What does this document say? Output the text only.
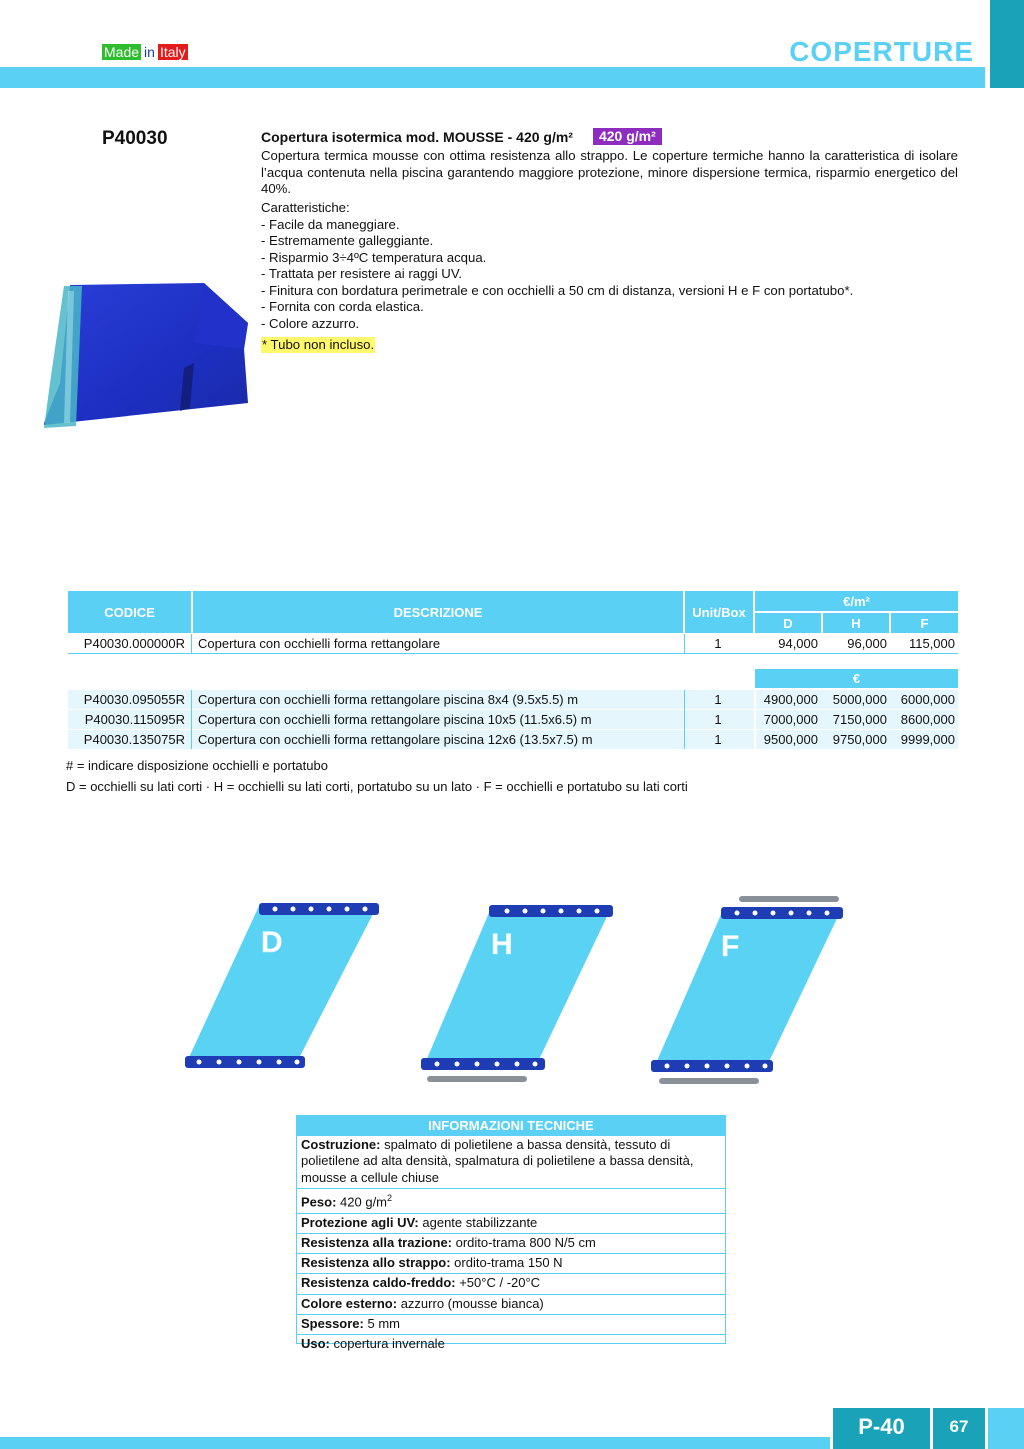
Made in Italy	COPERTURE
P40030	Copertura isotermica mod. MOUSSE - 420 g/m²	420 g/m²
Copertura termica mousse con ottima resistenza allo strappo. Le coperture termiche hanno la caratteristica di isolare l’acqua contenuta nella piscina garantendo maggiore protezione, minore dispersione termica, risparmio energetico del 40%.
Caratteristiche:
- Facile da maneggiare.
- Estremamente galleggiante.
- Risparmio 3÷4ºC temperatura acqua.
- Trattata per resistere ai raggi UV.
- Finitura con bordatura perimetrale e con occhielli a 50 cm di distanza, versioni H e F con portatubo*.
- Fornita con corda elastica.
- Colore azzurro.
* Tubo non incluso.
CODICE	DESCRIZIONE	Unit/Box
€/m²
D	H	F
P40030.000000R	Copertura con occhielli forma rettangolare	1	94,000	96,000	115,000
€
P40030.095055R	Copertura con occhielli forma rettangolare piscina 8x4 (9.5x5.5) m	1	4900,000	5000,000	6000,000
P40030.115095R	Copertura con occhielli forma rettangolare piscina 10x5 (11.5x6.5) m	1	7000,000	7150,000	8600,000
P40030.135075R	Copertura con occhielli forma rettangolare piscina 12x6 (13.5x7.5) m	1	9500,000	9750,000	9999,000
# = indicare disposizione occhielli e portatubo
D = occhielli su lati corti · H = occhielli su lati corti, portatubo su un lato · F = occhielli e portatubo su lati corti
D	H	F
INFORMAZIONI TECNICHE
Costruzione: spalmato di polietilene a bassa densità, tessuto di polietilene ad alta densità, spalmatura di polietilene a bassa densità, mousse a cellule chiuse
Peso: 420 $g/m^2$
Protezione agli UV: agente stabilizzante
Resistenza alla trazione: ordito-trama 800 N/5 cm
Resistenza allo strappo: ordito-trama 150 N
Resistenza caldo-freddo: +50°C / -20°C
Colore esterno: azzurro (mousse bianca)
Spessore: 5 mm
Uso: copertura invernale
P-40	67
